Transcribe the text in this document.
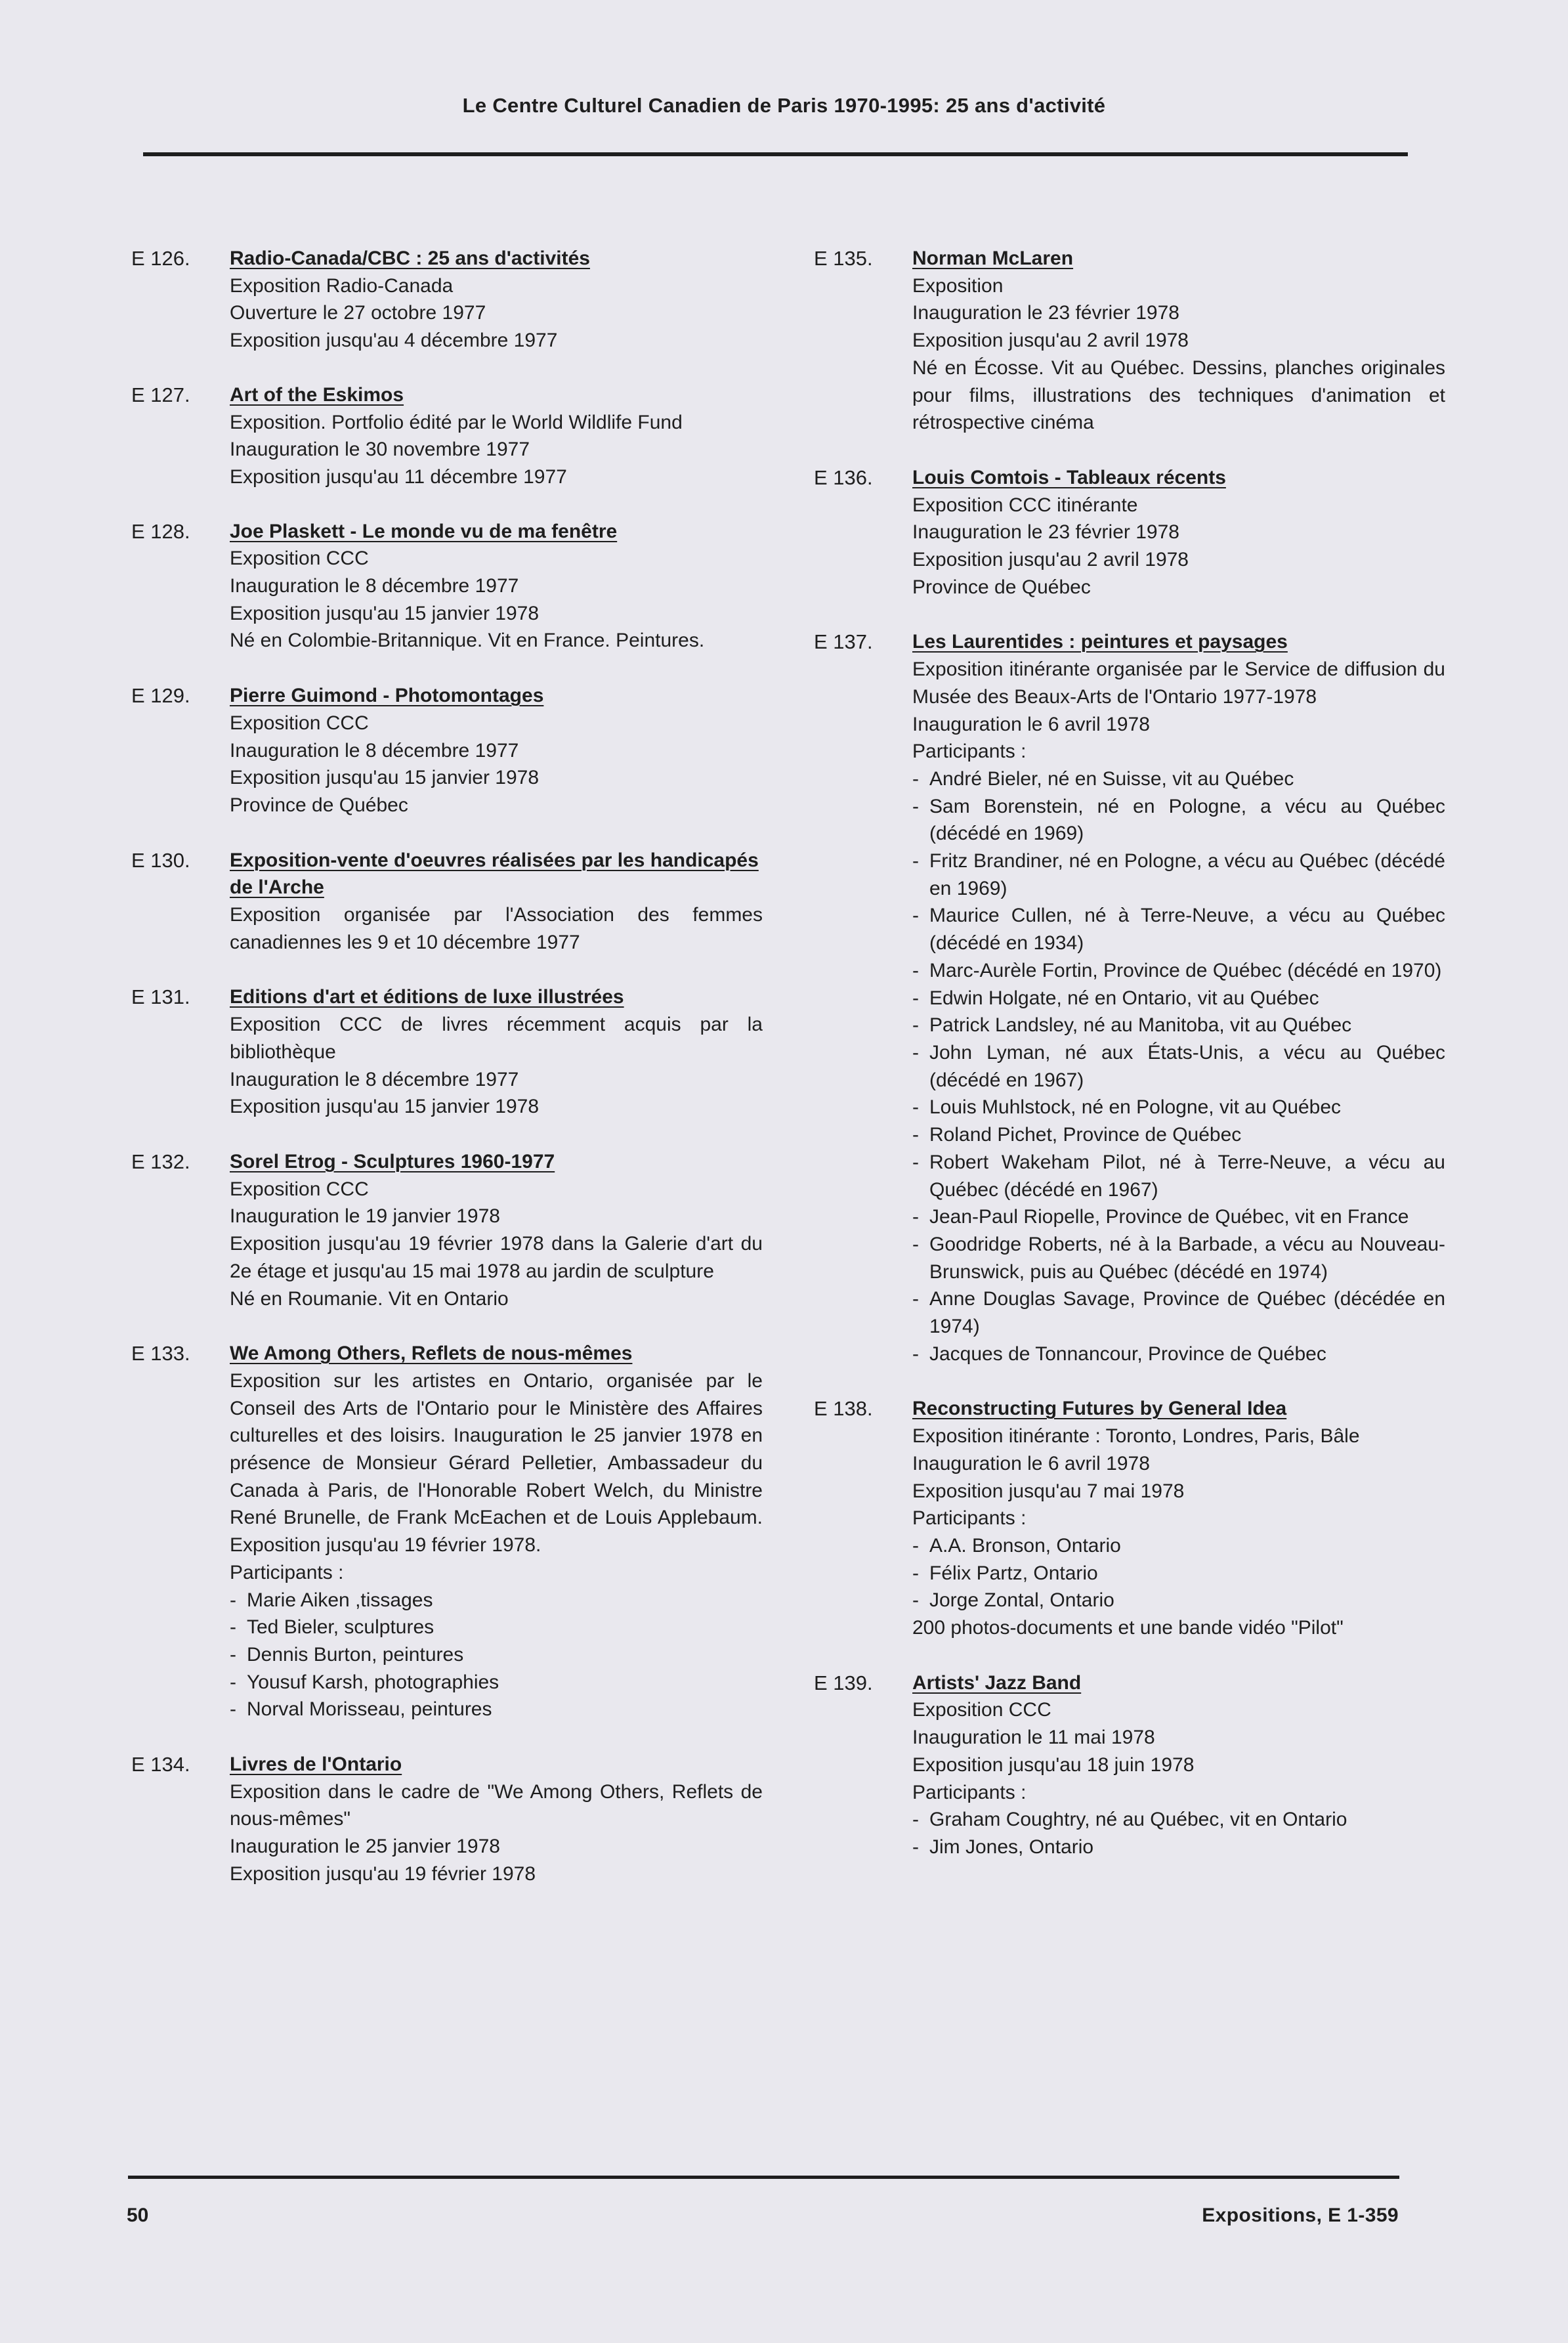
Le Centre Culturel Canadien de Paris 1970-1995: 25 ans d'activité
E 126.	Radio-Canada/CBC : 25 ans d'activités
Exposition Radio-Canada
Ouverture le 27 octobre 1977
Exposition jusqu'au 4 décembre 1977
E 127.	Art of the Eskimos
Exposition. Portfolio édité par le World Wildlife Fund
Inauguration le 30 novembre 1977
Exposition jusqu'au 11 décembre 1977
E 128.	Joe Plaskett - Le monde vu de ma fenêtre
Exposition CCC
Inauguration le 8 décembre 1977
Exposition jusqu'au 15 janvier 1978
Né en Colombie-Britannique. Vit en France. Peintures.
E 129.	Pierre Guimond - Photomontages
Exposition CCC
Inauguration le 8 décembre 1977
Exposition jusqu'au 15 janvier 1978
Province de Québec
E 130.	Exposition-vente d'oeuvres réalisées par les handicapés de l'Arche
Exposition organisée par l'Association des femmes canadiennes les 9 et 10 décembre 1977
E 131.	Editions d'art et éditions de luxe illustrées
Exposition CCC de livres récemment acquis par la bibliothèque
Inauguration le 8 décembre 1977
Exposition jusqu'au 15 janvier 1978
E 132.	Sorel Etrog - Sculptures 1960-1977
Exposition CCC
Inauguration le 19 janvier 1978
Exposition jusqu'au 19 février 1978 dans la Galerie d'art du 2e étage et jusqu'au 15 mai 1978 au jardin de sculpture
Né en Roumanie. Vit en Ontario
E 133.	We Among Others, Reflets de nous-mêmes
Exposition sur les artistes en Ontario, organisée par le Conseil des Arts de l'Ontario pour le Ministère des Affaires culturelles et des loisirs. Inauguration le 25 janvier 1978 en présence de Monsieur Gérard Pelletier, Ambassadeur du Canada à Paris, de l'Honorable Robert Welch, du Ministre René Brunelle, de Frank McEachen et de Louis Applebaum. Exposition jusqu'au 19 février 1978.
Participants :
- Marie Aiken ,tissages
- Ted Bieler, sculptures
- Dennis Burton, peintures
- Yousuf Karsh, photographies
- Norval Morisseau, peintures
E 134.	Livres de l'Ontario
Exposition dans le cadre de "We Among Others, Reflets de nous-mêmes"
Inauguration le 25 janvier 1978
Exposition jusqu'au 19 février 1978
E 135.	Norman McLaren
Exposition
Inauguration le 23 février 1978
Exposition jusqu'au 2 avril 1978
Né en Écosse. Vit au Québec. Dessins, planches originales pour films, illustrations des techniques d'animation et rétrospective cinéma
E 136.	Louis Comtois - Tableaux récents
Exposition CCC itinérante
Inauguration le 23 février 1978
Exposition jusqu'au 2 avril 1978
Province de Québec
E 137.	Les Laurentides : peintures et paysages
Exposition itinérante organisée par le Service de diffusion du Musée des Beaux-Arts de l'Ontario 1977-1978
Inauguration le 6 avril 1978
Participants :
- André Bieler, né en Suisse, vit au Québec
- Sam Borenstein, né en Pologne, a vécu au Québec (décédé en 1969)
- Fritz Brandiner, né en Pologne, a vécu au Québec (décédé en 1969)
- Maurice Cullen, né à Terre-Neuve, a vécu au Québec (décédé en 1934)
- Marc-Aurèle Fortin, Province de Québec (décédé en 1970)
- Edwin Holgate, né en Ontario, vit au Québec
- Patrick Landsley, né au Manitoba, vit au Québec
- John Lyman, né aux États-Unis, a vécu au Québec (décédé en 1967)
- Louis Muhlstock, né en Pologne, vit au Québec
- Roland Pichet, Province de Québec
- Robert Wakeham Pilot, né à Terre-Neuve, a vécu au Québec (décédé en 1967)
- Jean-Paul Riopelle, Province de Québec, vit en France
- Goodridge Roberts, né à la Barbade, a vécu au Nouveau-Brunswick, puis au Québec (décédé en 1974)
- Anne Douglas Savage, Province de Québec (décédée en 1974)
- Jacques de Tonnancour, Province de Québec
E 138.	Reconstructing Futures by General Idea
Exposition itinérante : Toronto, Londres, Paris, Bâle
Inauguration le 6 avril 1978
Exposition jusqu'au 7 mai 1978
Participants :
- A.A. Bronson, Ontario
- Félix Partz, Ontario
- Jorge Zontal, Ontario
200 photos-documents et une bande vidéo "Pilot"
E 139.	Artists' Jazz Band
Exposition CCC
Inauguration le 11 mai 1978
Exposition jusqu'au 18 juin 1978
Participants :
- Graham Coughtry, né au Québec, vit en Ontario
- Jim Jones, Ontario
50	Expositions, E 1-359
